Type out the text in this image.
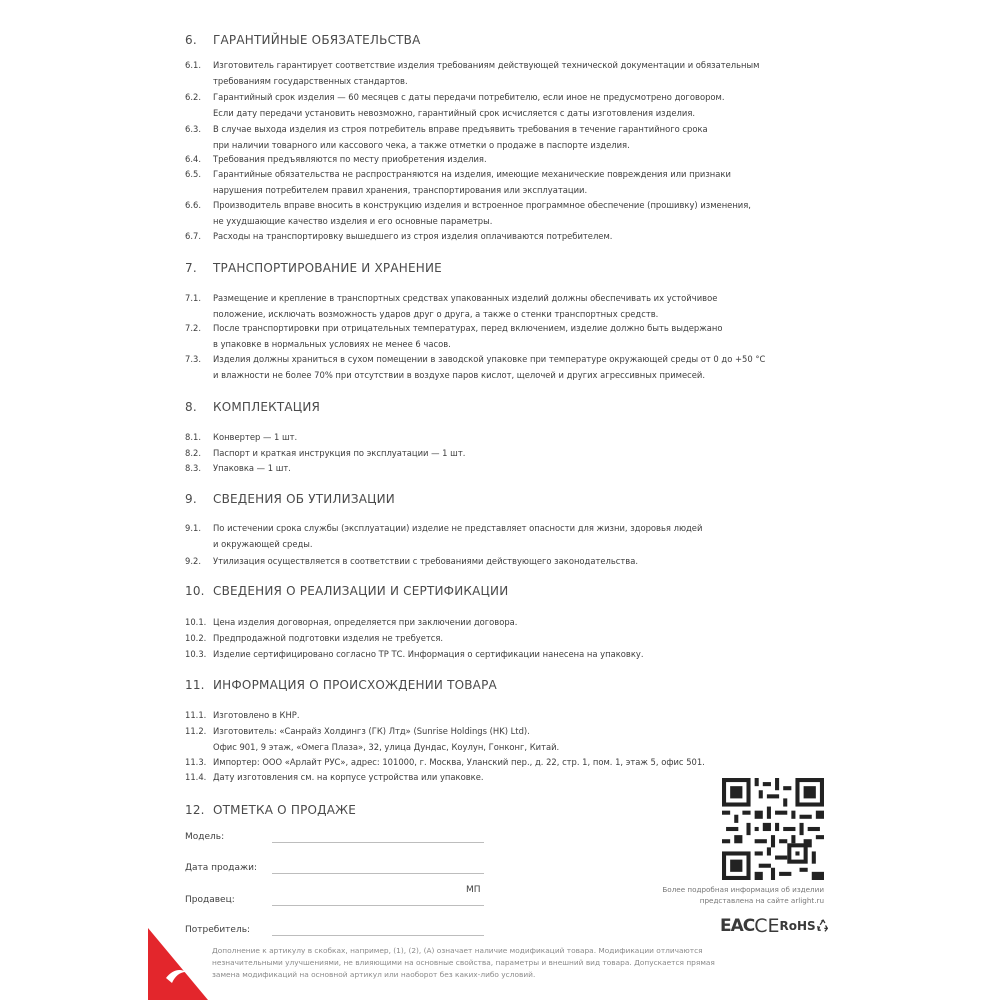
6. ГАРАНТИЙНЫЕ ОБЯЗАТЕЛЬСТВА
6.1.	Изготовитель гарантирует соответствие изделия требованиям действующей технической документации и обязательным
требованиям государственных стандартов.
6.2.	Гарантийный срок изделия — 60 месяцев с даты передачи потребителю, если иное не предусмотрено договором.
Если дату передачи установить невозможно, гарантийный срок исчисляется с даты изготовления изделия.
6.3.	В случае выхода изделия из строя потребитель вправе предъявить требования в течение гарантийного срока
при наличии товарного или кассового чека, а также отметки о продаже в паспорте изделия.
6.4.	Требования предъявляются по месту приобретения изделия.
6.5.	Гарантийные обязательства не распространяются на изделия, имеющие механические повреждения или признаки
нарушения потребителем правил хранения, транспортирования или эксплуатации.
6.6.	Производитель вправе вносить в конструкцию изделия и встроенное программное обеспечение (прошивку) изменения,
не ухудшающие качество изделия и его основные параметры.
6.7.	Расходы на транспортировку вышедшего из строя изделия оплачиваются потребителем.
7. ТРАНСПОРТИРОВАНИЕ И ХРАНЕНИЕ
7.1.	Размещение и крепление в транспортных средствах упакованных изделий должны обеспечивать их устойчивое
положение, исключать возможность ударов друг о друга, а также о стенки транспортных средств.
7.2.	После транспортировки при отрицательных температурах, перед включением, изделие должно быть выдержано
в упаковке в нормальных условиях не менее 6 часов.
7.3.	Изделия должны храниться в сухом помещении в заводской упаковке при температуре окружающей среды от 0 до +50 °С
и влажности не более 70% при отсутствии в воздухе паров кислот, щелочей и других агрессивных примесей.
8. КОМПЛЕКТАЦИЯ
8.1.	Конвертер — 1 шт.
8.2.	Паспорт и краткая инструкция по эксплуатации — 1 шт.
8.3.	Упаковка — 1 шт.
9. СВЕДЕНИЯ ОБ УТИЛИЗАЦИИ
9.1.	По истечении срока службы (эксплуатации) изделие не представляет опасности для жизни, здоровья людей
и окружающей среды.
9.2.	Утилизация осуществляется в соответствии с требованиями действующего законодательства.
10. СВЕДЕНИЯ О РЕАЛИЗАЦИИ И СЕРТИФИКАЦИИ
10.1. Цена изделия договорная, определяется при заключении договора.
10.2. Предпродажной подготовки изделия не требуется.
10.3. Изделие сертифицировано согласно ТР ТС. Информация о сертификации нанесена на упаковку.
11. ИНФОРМАЦИЯ О ПРОИСХОЖДЕНИИ ТОВАРА
11.1. Изготовлено в КНР.
11.2. Изготовитель: «Санрайз Холдингз (ГК) Лтд» (Sunrise Holdings (HK) Ltd).
Офис 901, 9 этаж, «Омега Плаза», 32, улица Дундас, Коулун, Гонконг, Китай.
11.3. Импортер: ООО «Арлайт РУС», адрес: 101000, г. Москва, Уланский пер., д. 22, стр. 1, пом. 1, этаж 5, офис 501.
11.4. Дату изготовления см. на корпусе устройства или упаковке.
12. ОТМЕТКА О ПРОДАЖЕ
Модель:
Дата продажи:
Продавец:
МП
Потребитель:
Более подробная информация об изделии
представлена на сайте arlight.ru
EAC CE RoHS
Дополнение к артикулу в скобках, например, (1), (2), (А) означает наличие модификаций товара. Модификации отличаются
незначительными улучшениями, не влияющими на основные свойства, параметры и внешний вид товара. Допускается прямая
замена модификаций на основной артикул или наоборот без каких-либо условий.
